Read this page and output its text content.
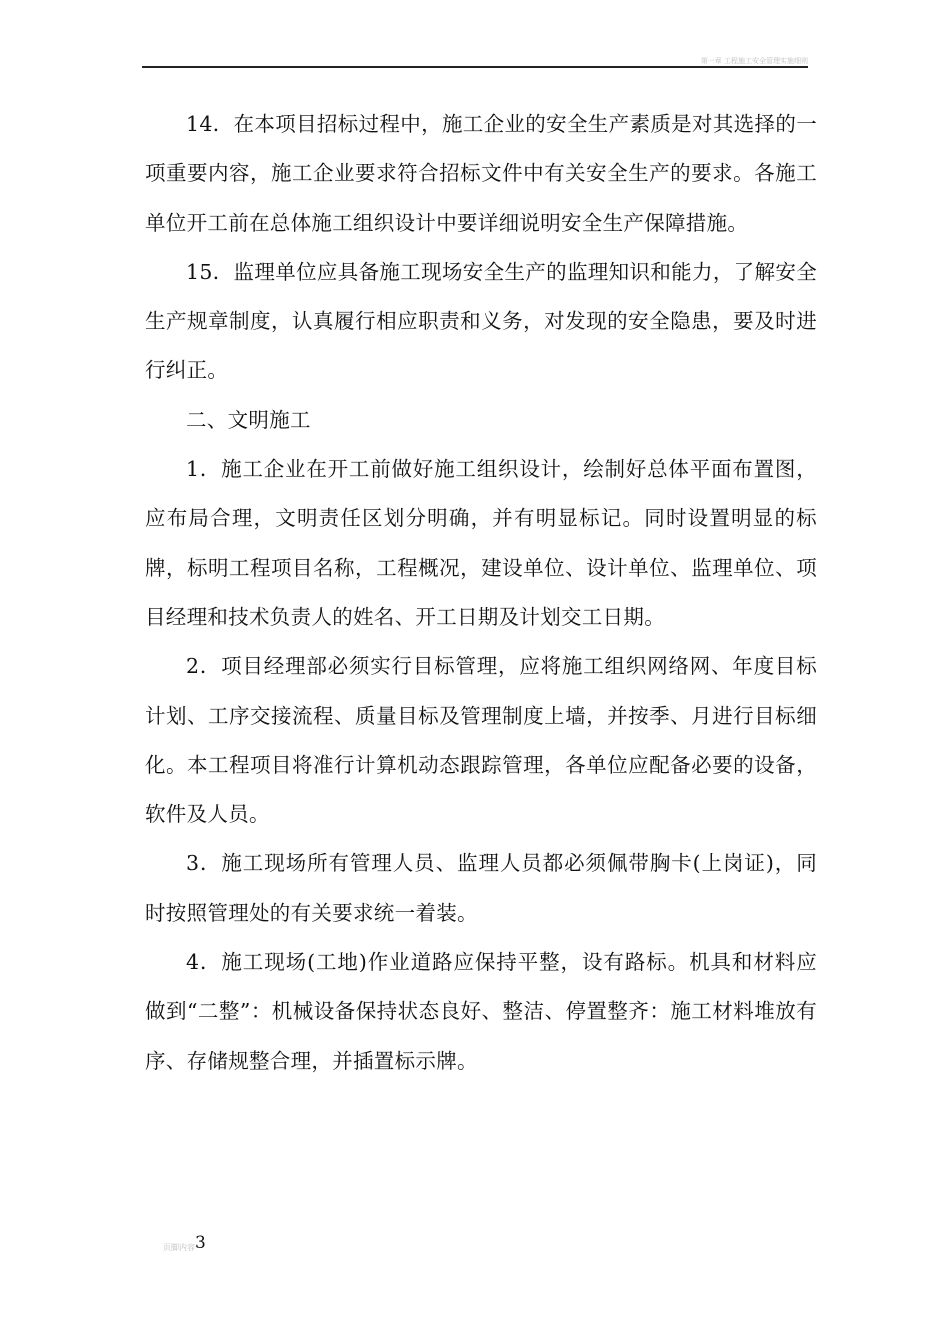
第一章 工程施工安全管理实施细则

14．在本项目招标过程中，施工企业的安全生产素质是对其选择的一项重要内容，施工企业要求符合招标文件中有关安全生产的要求。各施工单位开工前在总体施工组织设计中要详细说明安全生产保障措施。

15．监理单位应具备施工现场安全生产的监理知识和能力，了解安全生产规章制度，认真履行相应职责和义务，对发现的安全隐患，要及时进行纠正。

二、文明施工

1．施工企业在开工前做好施工组织设计，绘制好总体平面布置图，应布局合理，文明责任区划分明确，并有明显标记。同时设置明显的标牌，标明工程项目名称，工程概况，建设单位、设计单位、监理单位、项目经理和技术负责人的姓名、开工日期及计划交工日期。

2．项目经理部必须实行目标管理，应将施工组织网络网、年度目标计划、工序交接流程、质量目标及管理制度上墙，并按季、月进行目标细化。本工程项目将准行计算机动态跟踪管理，各单位应配备必要的设备，软件及人员。

3．施工现场所有管理人员、监理人员都必须佩带胸卡(上岗证)，同时按照管理处的有关要求统一着装。

4．施工现场(工地)作业道路应保持平整，设有路标。机具和材料应做到“二整”：机械设备保持状态良好、整洁、停置整齐：施工材料堆放有序、存储规整合理，并插置标示牌。

页脚内容3
